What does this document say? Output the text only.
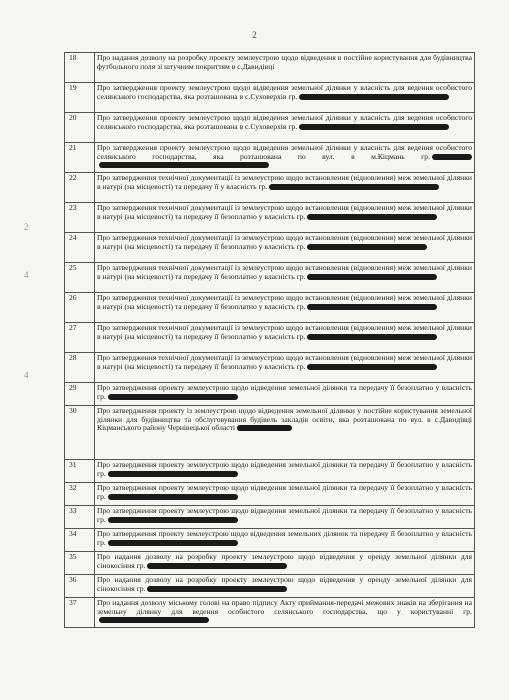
2
2
4
4
18	Про надання дозволу на розробку проекту землеустрою щодо відведення в постійне користування для будівництва футбольного поля зі штучним покриттям в с.Давидівці
19	Про затвердження проекту землеустрою щодо відведення земельної ділянки у власність для ведення особистого селянського господарства, яка розташована в с.Суховерхів гр.
20	Про затвердження проекту землеустрою щодо відведення земельної ділянки у власність для ведення особистого селянського господарства, яка розташована в с.Суховерхів гр.
21	Про затвердження проекту землеустрою щодо відведення земельної ділянки у власність для ведення особистого селянського господарства, яка розташована по вул. в м.Кіцмань гр.
22	Про затвердження технічної документації із землеустрою щодо встановлення (відновлення) меж земельної ділянки в натурі (на місцевості) та передачу її у власність гр.
23	Про затвердження технічної документації із землеустрою щодо встановлення (відновлення) меж земельної ділянки в натурі (на місцевості) та передачу її безоплатно у власність гр.
24	Про затвердження технічної документації із землеустрою щодо встановлення (відновлення) меж земельної ділянки в натурі (на місцевості) та передачу її безоплатно у власність гр.
25	Про затвердження технічної документації із землеустрою щодо встановлення (відновлення) меж земельної ділянки в натурі (на місцевості) та передачу її безоплатно у власність гр.
26	Про затвердження технічної документації із землеустрою щодо встановлення (відновлення) меж земельної ділянки в натурі (на місцевості) та передачу її безоплатно у власність гр.
27	Про затвердження технічної документації із землеустрою щодо встановлення (відновлення) меж земельної ділянки в натурі (на місцевості) та передачу її безоплатно у власність гр.
28	Про затвердження технічної документації із землеустрою щодо встановлення (відновлення) меж земельної ділянки в натурі (на місцевості) та передачу її безоплатно у власність гр.
29	Про затвердження проекту землеустрою щодо відведення земельної ділянки та передачу її безоплатно у власність гр.
30	Про затвердження проекту із землеустрою щодо відведення земельної ділянки у постійне користування земельної ділянки для будівництва та обслуговування будівель закладів освіти, яка розташована по вул. в с.Давидівці Кіцманського району Чернівецької області
31	Про затвердження проекту землеустрою щодо відведення земельної ділянки та передачу її безоплатно у власність гр.
32	Про затвердження проекту землеустрою щодо відведення земельної ділянки та передачу її безоплатно у власність гр.
33	Про затвердження проекту землеустрою щодо відведення земельної ділянки та передачу її безоплатно у власність гр.
34	Про затвердження проекту землеустрою щодо відведення земельних ділянок та передачу її безоплатно у власність гр.
35	Про надання дозволу на розробку проекту землеустрою щодо відведення у оренду земельної ділянки для сінокосіння гр.
36	Про надання дозволу на розробку проекту землеустрою щодо відведення у оренду земельної ділянки для сінокосіння гр.
37	Про надання дозволу міському голові на право підпису Акту приймання-передачі межових знаків на зберігання на земельну ділянку для ведення особистого селянського господарства, що у користуванні гр.
